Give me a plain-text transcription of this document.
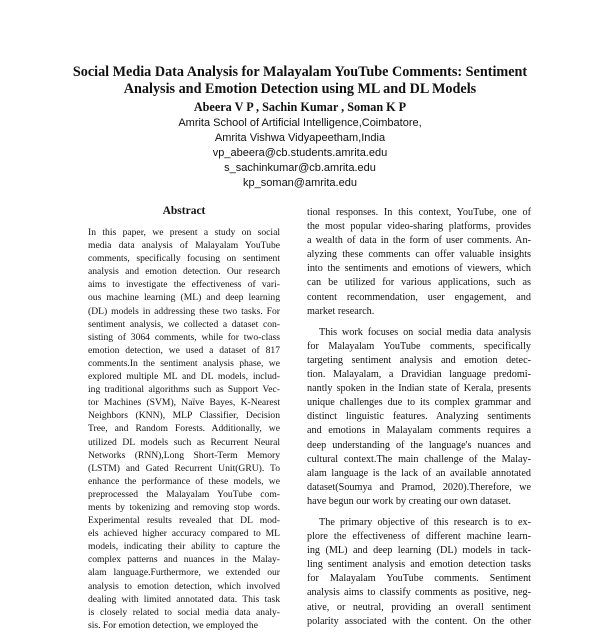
Social Media Data Analysis for Malayalam YouTube Comments: Sentiment
Analysis and Emotion Detection using ML and DL Models
Abeera V P , Sachin Kumar , Soman K P
Amrita School of Artificial Intelligence,Coimbatore,
Amrita Vishwa Vidyapeetham,India
vp_abeera@cb.students.amrita.edu
s_sachinkumar@cb.amrita.edu
kp_soman@amrita.edu
Abstract
In this paper, we present a study on social
media data analysis of Malayalam YouTube
comments, specifically focusing on sentiment
analysis and emotion detection. Our research
aims to investigate the effectiveness of vari-
ous machine learning (ML) and deep learning
(DL) models in addressing these two tasks. For
sentiment analysis, we collected a dataset con-
sisting of 3064 comments, while for two-class
emotion detection, we used a dataset of 817
comments.In the sentiment analysis phase, we
explored multiple ML and DL models, includ-
ing traditional algorithms such as Support Vec-
tor Machines (SVM), Naïve Bayes, K-Nearest
Neighbors (KNN), MLP Classifier, Decision
Tree, and Random Forests. Additionally, we
utilized DL models such as Recurrent Neural
Networks (RNN),Long Short-Term Memory
(LSTM) and Gated Recurrent Unit(GRU). To
enhance the performance of these models, we
preprocessed the Malayalam YouTube com-
ments by tokenizing and removing stop words.
Experimental results revealed that DL mod-
els achieved higher accuracy compared to ML
models, indicating their ability to capture the
complex patterns and nuances in the Malay-
alam language.Furthermore, we extended our
analysis to emotion detection, which involved
dealing with limited annotated data. This task
is closely related to social media data analy-
sis. For emotion detection, we employed the
tional responses. In this context, YouTube, one of
the most popular video-sharing platforms, provides
a wealth of data in the form of user comments. An-
alyzing these comments can offer valuable insights
into the sentiments and emotions of viewers, which
can be utilized for various applications, such as
content recommendation, user engagement, and
market research.
This work focuses on social media data analysis
for Malayalam YouTube comments, specifically
targeting sentiment analysis and emotion detec-
tion. Malayalam, a Dravidian language predomi-
nantly spoken in the Indian state of Kerala, presents
unique challenges due to its complex grammar and
distinct linguistic features. Analyzing sentiments
and emotions in Malayalam comments requires a
deep understanding of the language's nuances and
cultural context.The main challenge of the Malay-
alam language is the lack of an available annotated
dataset(Soumya and Pramod, 2020).Therefore, we
have begun our work by creating our own dataset.
The primary objective of this research is to ex-
plore the effectiveness of different machine learn-
ing (ML) and deep learning (DL) models in tack-
ling sentiment analysis and emotion detection tasks
for Malayalam YouTube comments. Sentiment
analysis aims to classify comments as positive, neg-
ative, or neutral, providing an overall sentiment
polarity associated with the content. On the other
